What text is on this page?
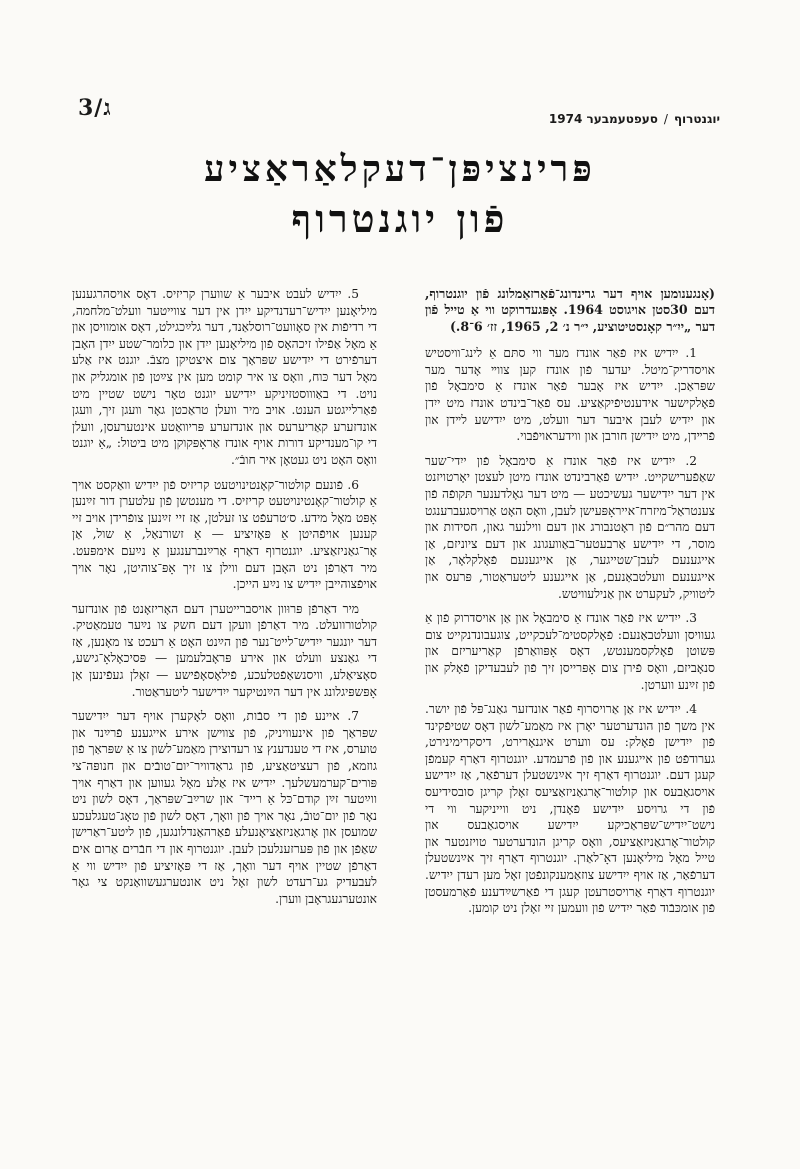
3/ג	יוגנטרוף/סעפטעמבער 1974
פּרינציפּן־דעקלאַראַציע
פֿון יוגנטרוף
(אָנגענומען אויף דער גרינדונג־פֿאַרזאַמלונג פֿון יוגנטרוף, דעם 30סטן אויגוסט 1964. אָפּגעדרוקט ווי אַ טייל פֿון דער „ייִ״ר קאָנסטיטוציע, י״ר נ׳ 2, 1965, זז׳ 6־8.)

1. ייִדיש איז פֿאַר אונדז מער ווי סתּם אַ לינג־וויסטיש אויסדריק־מיטל. יעדער פֿון אונדז קען צווײ אָדער מער שפּראַכן. ייִדיש איז אָבער פֿאַר אונדז אַ סימבאָל פֿון פֿאָלקישער אידענטיפֿיקאַציע. עס פֿאַר־בינדט אונדז מיט ייִדן און ייִדיש לעבן איבער דער וועלט, מיט ייִדישע לײדן און פֿרײדן, מיט ייִדישן חורבן און ווידעראויפֿבוי.

2. ייִדיש איז פֿאַר אונדז אַ סימבאָל פֿון ייִדי־שער שאַפֿערישקייט. ייִדיש פֿאַרבינדט אונדז מיטן לעצטן יאָרטויזנט אין דער ייִדישער געשיכטע — מיט דער גאָלדענער תּקופֿה פֿון צענטראַל־מיזרח־אייראָפּעישן לעבן, וואָס האָט אַרויסגעברענגט דעם מהר״ם פֿון ראָטנבורג און דעם ווילנער גאון, חסידות און מוסר, די ייִדישע אַרבעטער־באַוועגונג און דעם ציוניזם, אַן אייגענעם לעבן־שטייגער, אַן אייגענעם פֿאָלקלאָר, אַן אייגענעם וועלטבאַנעם, אַן אייגענע ליטעראַטור, פּרעס און ליטוויק, לעקערט און אַנילעוויטש.

3. ייִדיש איז פֿאַר אונדז אַ סימבאָל און אַן אויסדרוק פֿון אַ געוויסן וועלטבאַנעם: פֿאָלקסטימ־לעכקייט, צוגעבונדנקייט צום פּשוטן פֿאָלקסמענטש, דאָס אָפּוואַרפֿן קאַריעריזם און סנאָביזם, וואָס פֿירן צום אָפּרייסן זיך פֿון לעבעדיקן פֿאָלק און פֿון זײַנע ווערטן.

4. ייִדיש איז אַן אַרויסרוף פֿאַר אונדזער גאַנג־פּל פֿון יושר. אין משך פֿון הונדערטער יאָרן איז מאַמע־לשון דאָס שטיפֿקינד פֿון ייִדישן פֿאָלק: עס ווערט איגנאָרירט, דיסקרימינירט, גערודפֿט פֿון אייגענע און פֿון פֿרעמדע. יוגנטרוף דאַרף קעמפֿן קעגן דעם. יוגנטרוף דאַרף זיך אײַנשטעלן דערפֿאַר, אַז ייִדישע אויסגאַבעס און קולטור־אָרגאַניזאַציעס זאָלן קריגן סובסידיעס פֿון די גרויסע ייִדישע פֿאָנדן, ניט ווייניקער ווי די נישט־ייִדיש־שפּראַכיקע ייִדישע אויסגאַבעס און קולטור־אָרגאַניזאַציעס, וואָס קריגן הונדערטער טויזנטער און טייל מאָל מיליאָנען דאָ־לאַרן. יוגנטרוף דאַרף זיך אײַנשטעלן דערפֿאַר, אַז אויף ייִדישע צוזאַמענקונפֿטן זאָל מען רעדן ייִדיש. יוגנטרוף דאַרף אַרויסטרעטן קעגן די פֿאַרשײַדענע פֿאַרמעסטן פֿון אומכּבֿוד פֿאַר ייִדיש פֿון וועמען זײ זאָלן ניט קומען.

5. ייִדיש לעבט איבער אַ שווערן קריזיס. דאָס אויסהרגענען מיליאָנען ייִדיש־רעדנדיקע ייִדן אין דער צווייטער וועלט־מלחמה, די רדיפֿות אין סאָוועט־רוסלאַנד, דער גלײַכגילט, דאָס אומוויסן און אַ מאָל אַפֿילו זיכהאָס פֿון מיליאָנען ייִדן און כלומר־שטע ייִדן האָבן דערפֿירט די ייִדישע שפּראַך צום איצטיקן מצבֿ. יוגנט איז אַלע מאָל דער כּוח, וואָס צו איר קומט מען אין צײַטן פֿון אומגליק און נויט. די באַוווסטזיניקע ייִדישע יוגנט טאָר נישט שטיין מיט פֿאַרלייגטע הענט. אויב מיר וועלן טראַכטן גאָר וועגן זיך, וועגן אונדזערע קאַריערעס און אונדזערע פּריוואַטע אינטערעסן, וועלן די קו־מענדיקע דורות אויף אונדז אַראָפּקוקן מיט ביטול: „אַ יוגנט וואָס האָט ניט געטאָן איר חובֿ״.

6. פֿונעם קולטור־קאָנטינויטעט קריזיס פֿון ייִדיש וואַקסט אויך אַ קולטור־קאָנטינויטעט קריזיס. די מענטשן פֿון עלטערן דור זײַנען אָפּט מאָל מידע. ס׳טרעפֿט צו זעלטן, אַז זיי זײַנען צופֿרידן אויב זיי קענען אויפֿהיטן אַ פּאָזיציע — אַ זשורנאַל, אַ שול, אַן אָר־גאַניזאַציע. יוגנטרוף דאַרף אַרײַנברענגען אַ נײַעם אימפּעט. מיר דאַרפֿן ניט האָבן דעם ווילן צו זיך אָפּ־צוהיטן, נאָר אויך אויפֿצוהייבן ייִדיש צו נײַע הייכן.

מיר דאַרפֿן פּרוּוון אויסברייטערן דעם האָריזאָנט פֿון אונדזער קולטורוועלט. מיר דאַרפֿן וועקן דעם חשק צו נײַער טעמאַטיק. דער יונגער ייִדיש־לייט־נער פֿון הײַנט האָט אַ רעכט צו מאָנען, אַז די גאַנצע וועלט און אירע פּראָבלעמען — פּסיכאָלאָ־גישע, סאָציאַלע, וויסנשאַפֿטלעכע, פֿילאָסאָפֿישע — זאָלן געפֿינען אַן אָפּשפּיגלונג אין דער הײַנטיקער ייִדישער ליטעראַטור.

7. איינע פֿון די סבֿות, וואָס לאָקערן אויף דער ייִדישער שפּראַך פֿון אינעוויניק, פֿון צווישן אירע אייגענע פֿרײַנד און טוערס, איז די טענדענץ צו רעדוצירן מאַמע־לשון צו אַ שפּראַך פֿון גוזמא, פֿון רעציטאַציע, פֿון גראַדוויר־יום־טובֿים און חנופּה־צי פּורים־קערמעשלעך. ייִדיש איז אַלע מאָל געווען און דאַרף אויך ווײַטער זײַן קודם־כּל אַ רייד־ און שרײַב־שפּראַך, דאָס לשון ניט נאָר פֿון יום־טובֿ, נאָר אויך פֿון וואָך, דאָס לשון פֿון טאָג־טעגלעכע שמועסן און אָרגאַניזאַציאָנעלע פֿאַרהאַנדלונגען, פֿון ליטע־ראַרישן שאַפֿן און פֿון פּערזענלעכן לעבן. יוגנטרוף און די חבֿרים אַרום אים דאַרפֿן שטיין אויף דער וואָך, אַז די פּאָזיציע פֿון ייִדיש ווי אַ לעבעדיק גע־רעדט לשון זאָל ניט אונטערגעשוואַנקט צי גאָר אונטערגעגראָבן ווערן.
